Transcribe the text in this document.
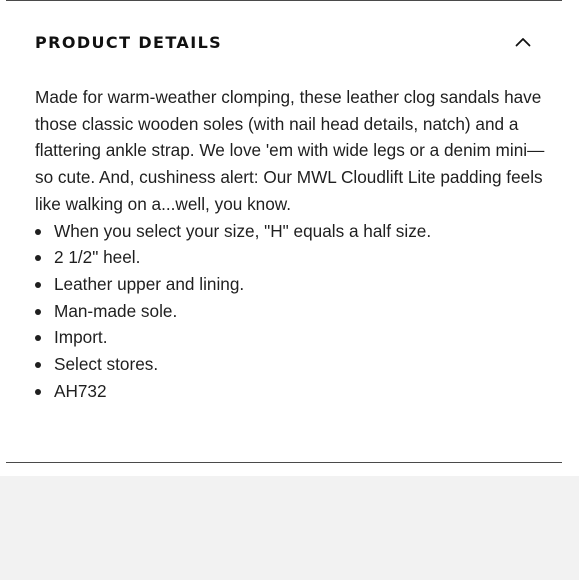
PRODUCT DETAILS

Made for warm-weather clomping, these leather clog sandals have those classic wooden soles (with nail head details, natch) and a flattering ankle strap. We love 'em with wide legs or a denim mini—so cute. And, cushiness alert: Our MWL Cloudlift Lite padding feels like walking on a...well, you know.

When you select your size, "H" equals a half size.
2 1/2" heel.
Leather upper and lining.
Man-made sole.
Import.
Select stores.
AH732
